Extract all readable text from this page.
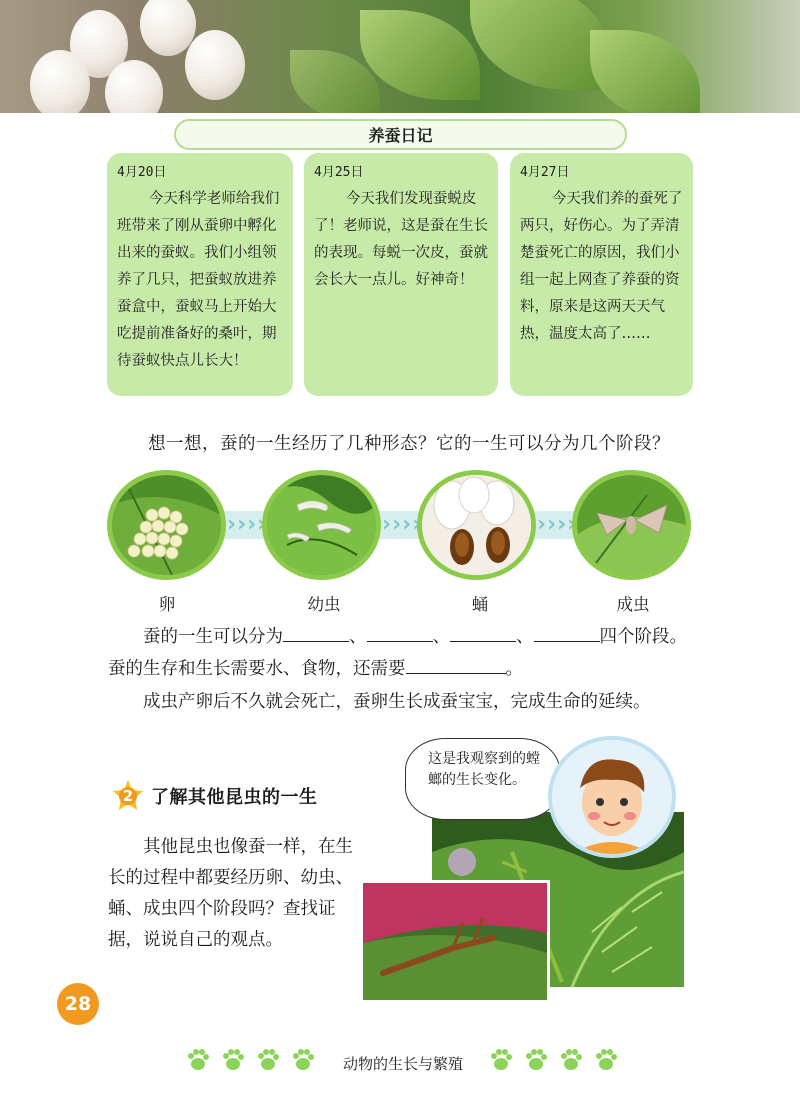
养蚕日记
4月20日
今天科学老师给我们班带来了刚从蚕卵中孵化出来的蚕蚁。我们小组领养了几只，把蚕蚁放进养蚕盒中，蚕蚁马上开始大吃提前准备好的桑叶，期待蚕蚁快点儿长大！
4月25日
今天我们发现蚕蜕皮了！老师说，这是蚕在生长的表现。每蜕一次皮，蚕就会长大一点儿。好神奇！
4月27日
今天我们养的蚕死了两只，好伤心。为了弄清楚蚕死亡的原因，我们小组一起上网查了养蚕的资料，原来是这两天天气热，温度太高了……
想一想，蚕的一生经历了几种形态？它的一生可以分为几个阶段？
› › › ›	› › › ›	› › › ›
卵	幼虫	蛹	成虫
蚕的一生可以分为	、	、	、	四个阶段。蚕的生存和生长需要水、食物，还需要	。
成虫产卵后不久就会死亡，蚕卵生长成蚕宝宝，完成生命的延续。
2 了解其他昆虫的一生
其他昆虫也像蚕一样，在生长的过程中都要经历卵、幼虫、蛹、成虫四个阶段吗？查找证据，说说自己的观点。
这是我观察到的螳螂的生长变化。
28
动物的生长与繁殖
